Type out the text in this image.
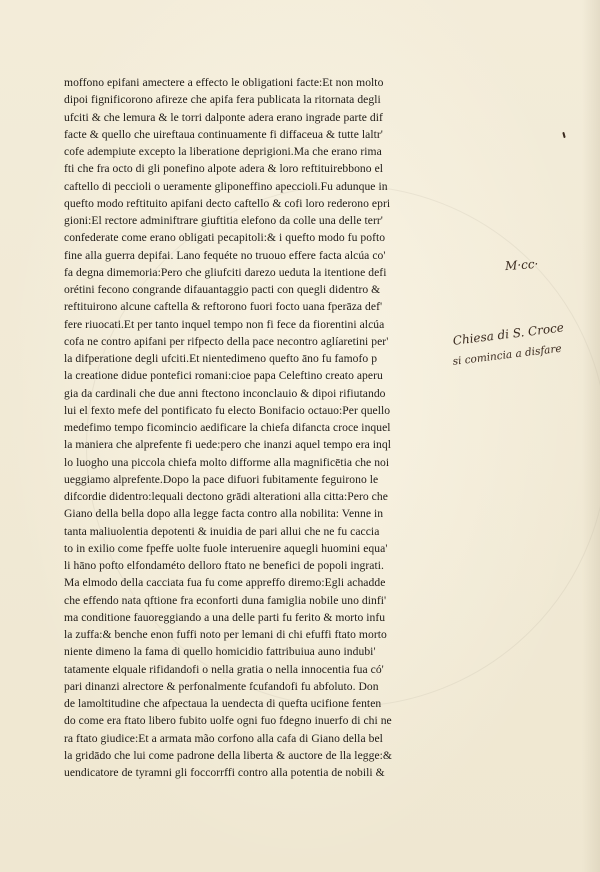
moffono epifani amectere a effecto le obligationi facte:Et non molto
dipoi fignificorono afireze che apifa fera publicata la ritornata degli
ufciti & che lemura & le torri dalponte adera erano ingrade parte dif
facte & quello che uireftaua continuamente fi diffaceua & tutte laltr'
cofe adempiute excepto la liberatione deprigioni.Ma che erano rima
fti che fra octo di gli ponefino alpote adera & loro reftituirebbono el
caftello di peccioli o ueramente gliponeffino apeccioli.Fu adunque in
quefto modo reftituito apifani decto caftello & cofi loro rederono epri
gioni:El rectore adminiftrare giuftitia elefono da colle una delle terr'
confederate come erano obligati pecapitoli:& i quefto modo fu pofto
fine alla guerra depifai. Lano fequéte no truouo effere facta alcúa co'
fa degna dimemoria:Pero che gliufciti darezo ueduta la itentione defi
orétini fecono congrande difauantaggio pacti con quegli didentro &
reftituirono alcune caftella & reftorono fuori focto uana fperāza def'
fere riuocati.Et per tanto inquel tempo non fi fece da fiorentini alcúa
cofa ne contro apifani per rifpecto della pace necontro aglíaretini per'
la difperatione degli ufciti.Et nientedimeno quefto āno fu famofo p
la creatione didue pontefici romani:cioe papa Celeftino creato aperu
gia da cardinali che due anni ftectono inconclauio & dipoi rifiutando
lui el fexto mefe del pontificato fu electo Bonifacio octauo:Per quello
medefimo tempo ficomincio aedificare la chiefa difancta croce inquel
la maniera che alprefente fi uede:pero che inanzi aquel tempo era inql
lo luogho una piccola chiefa molto difforme alla magnificētia che noi
ueggiamo alprefente.Dopo la pace difuori fubitamente feguirono le
difcordie didentro:lequali dectono grādi alterationi alla citta:Pero che
Giano della bella dopo alla legge facta contro alla nobilita: Venne in
tanta maliuolentia depotenti & inuidia de pari allui che ne fu caccia
to in exilio come fpeffe uolte fuole interuenire aquegli huomini equa'
li hāno pofto elfondaméto delloro ftato ne benefici de popoli ingrati.
Ma elmodo della cacciata fua fu come appreffo diremo:Egli achadde
che effendo nata qftione fra econforti duna famiglia nobile uno dinfi'
ma conditione fauoreggiando a una delle parti fu ferito & morto infu
la zuffa:& benche enon fuffi noto per lemani di chi efuffi ftato morto
niente dimeno la fama di quello homicidio fattribuiua auno indubi'
tatamente elquale rifidandofi o nella gratia o nella innocentia fua có'
pari dinanzi alrectore & perfonalmente fcufandofi fu abfoluto. Don
de lamoltitudine che afpectaua la uendecta di quefta ucifione fenten
do come era ftato libero fubito uolfe ogni fuo fdegno inuerfo di chi ne
ra ftato giudice:Et a armata mão corfono alla cafa di Giano della bel
la gridādo che lui come padrone della liberta & auctore de lla legge:&
uendicatore de tyramni gli foccorrffi contro alla potentia de nobili &
M·cc·
Chiesa di S. Croce
si comincia a disfare
